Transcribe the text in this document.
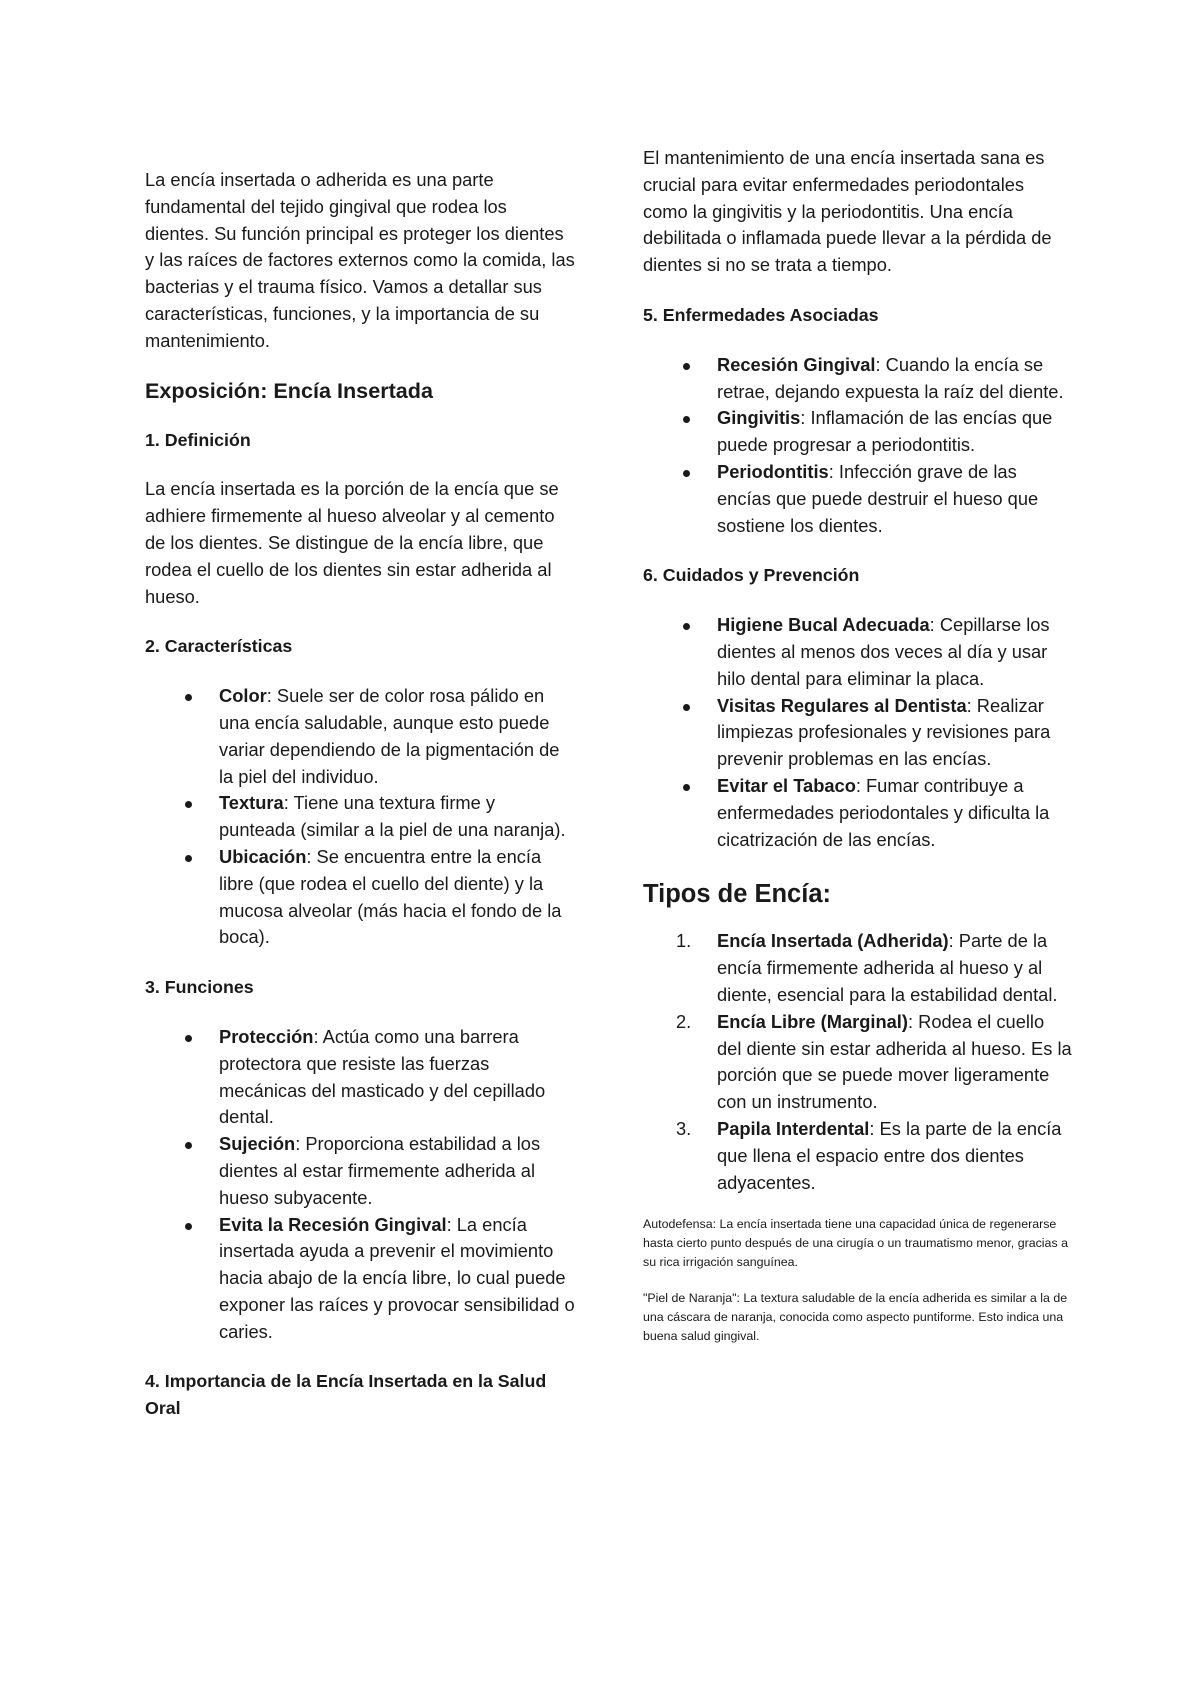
La encía insertada o adherida es una parte fundamental del tejido gingival que rodea los dientes. Su función principal es proteger los dientes y las raíces de factores externos como la comida, las bacterias y el trauma físico. Vamos a detallar sus características, funciones, y la importancia de su mantenimiento.

Exposición: Encía Insertada
1. Definición

La encía insertada es la porción de la encía que se adhiere firmemente al hueso alveolar y al cemento de los dientes. Se distingue de la encía libre, que rodea el cuello de los dientes sin estar adherida al hueso.

2. Características
Color: Suele ser de color rosa pálido en una encía saludable, aunque esto puede variar dependiendo de la pigmentación de la piel del individuo.
Textura: Tiene una textura firme y punteada (similar a la piel de una naranja).
Ubicación: Se encuentra entre la encía libre (que rodea el cuello del diente) y la mucosa alveolar (más hacia el fondo de la boca).
3. Funciones
Protección: Actúa como una barrera protectora que resiste las fuerzas mecánicas del masticado y del cepillado dental.
Sujeción: Proporciona estabilidad a los dientes al estar firmemente adherida al hueso subyacente.
Evita la Recesión Gingival: La encía insertada ayuda a prevenir el movimiento hacia abajo de la encía libre, lo cual puede exponer las raíces y provocar sensibilidad o caries.
4. Importancia de la Encía Insertada en la Salud Oral

El mantenimiento de una encía insertada sana es crucial para evitar enfermedades periodontales como la gingivitis y la periodontitis. Una encía debilitada o inflamada puede llevar a la pérdida de dientes si no se trata a tiempo.

5. Enfermedades Asociadas
Recesión Gingival: Cuando la encía se retrae, dejando expuesta la raíz del diente.
Gingivitis: Inflamación de las encías que puede progresar a periodontitis.
Periodontitis: Infección grave de las encías que puede destruir el hueso que sostiene los dientes.
6. Cuidados y Prevención
Higiene Bucal Adecuada: Cepillarse los dientes al menos dos veces al día y usar hilo dental para eliminar la placa.
Visitas Regulares al Dentista: Realizar limpiezas profesionales y revisiones para prevenir problemas en las encías.
Evitar el Tabaco: Fumar contribuye a enfermedades periodontales y dificulta la cicatrización de las encías.
Tipos de Encía:
1. Encía Insertada (Adherida): Parte de la encía firmemente adherida al hueso y al diente, esencial para la estabilidad dental.
2. Encía Libre (Marginal): Rodea el cuello del diente sin estar adherida al hueso. Es la porción que se puede mover ligeramente con un instrumento.
3. Papila Interdental: Es la parte de la encía que llena el espacio entre dos dientes adyacentes.

Autodefensa: La encía insertada tiene una capacidad única de regenerarse hasta cierto punto después de una cirugía o un traumatismo menor, gracias a su rica irrigación sanguínea.

"Piel de Naranja": La textura saludable de la encía adherida es similar a la de una cáscara de naranja, conocida como aspecto puntiforme. Esto indica una buena salud gingival.
